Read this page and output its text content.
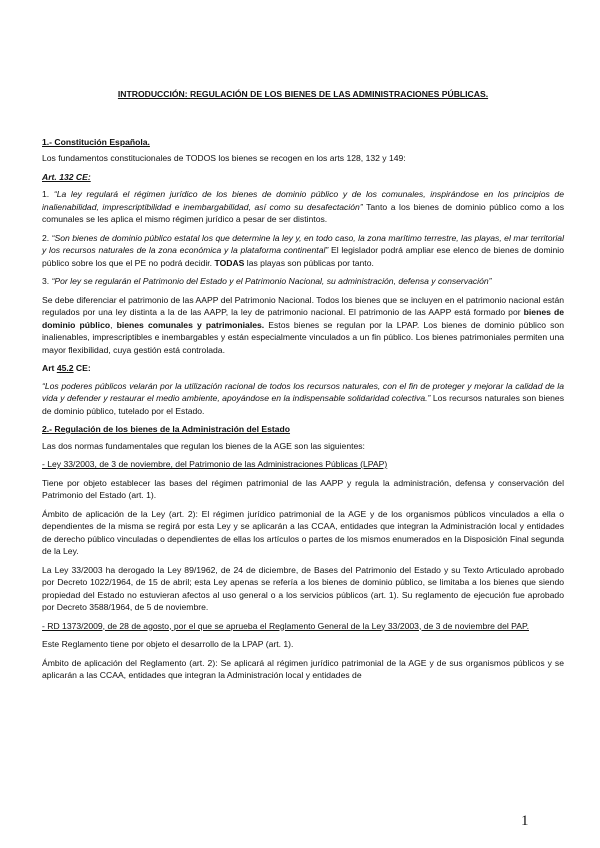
INTRODUCCIÓN: REGULACIÓN DE LOS BIENES DE LAS ADMINISTRACIONES PÚBLICAS.
1.- Constitución Española.
Los fundamentos constitucionales de TODOS los bienes se recogen en los arts 128, 132 y 149:
Art. 132 CE:
1. “La ley regulará el régimen jurídico de los bienes de dominio público y de los comunales, inspirándose en los principios de inalienabilidad, imprescriptibilidad e inembargabilidad, así como su desafectación” Tanto a los bienes de dominio público como a los comunales se les aplica el mismo régimen jurídico a pesar de ser distintos.
2. “Son bienes de dominio público estatal los que determine la ley y, en todo caso, la zona marítimo terrestre, las playas, el mar territorial y los recursos naturales de la zona económica y la plataforma continental” El legislador podrá ampliar ese elenco de bienes de dominio público sobre los que el PE no podrá decidir. TODAS las playas son públicas por tanto.
3. “Por ley se regularán el Patrimonio del Estado y el Patrimonio Nacional, su administración, defensa y conservación”
Se debe diferenciar el patrimonio de las AAPP del Patrimonio Nacional. Todos los bienes que se incluyen en el patrimonio nacional están regulados por una ley distinta a la de las AAPP, la ley de patrimonio nacional. El patrimonio de las AAPP está formado por bienes de dominio público, bienes comunales y patrimoniales. Estos bienes se regulan por la LPAP. Los bienes de dominio público son inalienables, imprescriptibles e inembargables y están especialmente vinculados a un fin público. Los bienes patrimoniales permiten una mayor flexibilidad, cuya gestión está controlada.
Art 45.2 CE:
“Los poderes públicos velarán por la utilización racional de todos los recursos naturales, con el fin de proteger y mejorar la calidad de la vida y defender y restaurar el medio ambiente, apoyándose en la indispensable solidaridad colectiva.” Los recursos naturales son bienes de dominio público, tutelado por el Estado.
2.- Regulación de los bienes de la Administración del Estado
Las dos normas fundamentales que regulan los bienes de la AGE son las siguientes:
- Ley 33/2003, de 3 de noviembre, del Patrimonio de las Administraciones Públicas (LPAP)
Tiene por objeto establecer las bases del régimen patrimonial de las AAPP y regula la administración, defensa y conservación del Patrimonio del Estado (art. 1).
Ámbito de aplicación de la Ley (art. 2): El régimen jurídico patrimonial de la AGE y de los organismos públicos vinculados a ella o dependientes de la misma se regirá por esta Ley y se aplicarán a las CCAA, entidades que integran la Administración local y entidades de derecho público vinculadas o dependientes de ellas los artículos o partes de los mismos enumerados en la Disposición Final segunda de la Ley.
La Ley 33/2003 ha derogado la Ley 89/1962, de 24 de diciembre, de Bases del Patrimonio del Estado y su Texto Articulado aprobado por Decreto 1022/1964, de 15 de abril; esta Ley apenas se refería a los bienes de dominio público, se limitaba a los bienes que siendo propiedad del Estado no estuvieran afectos al uso general o a los servicios públicos (art. 1). Su reglamento de ejecución fue aprobado por Decreto 3588/1964, de 5 de noviembre.
- RD 1373/2009, de 28 de agosto, por el que se aprueba el Reglamento General de la Ley 33/2003, de 3 de noviembre del PAP.
Este Reglamento tiene por objeto el desarrollo de la LPAP (art. 1).
Ámbito de aplicación del Reglamento (art. 2): Se aplicará al régimen jurídico patrimonial de la AGE y de sus organismos públicos y se aplicarán a las CCAA, entidades que integran la Administración local y entidades de
1
